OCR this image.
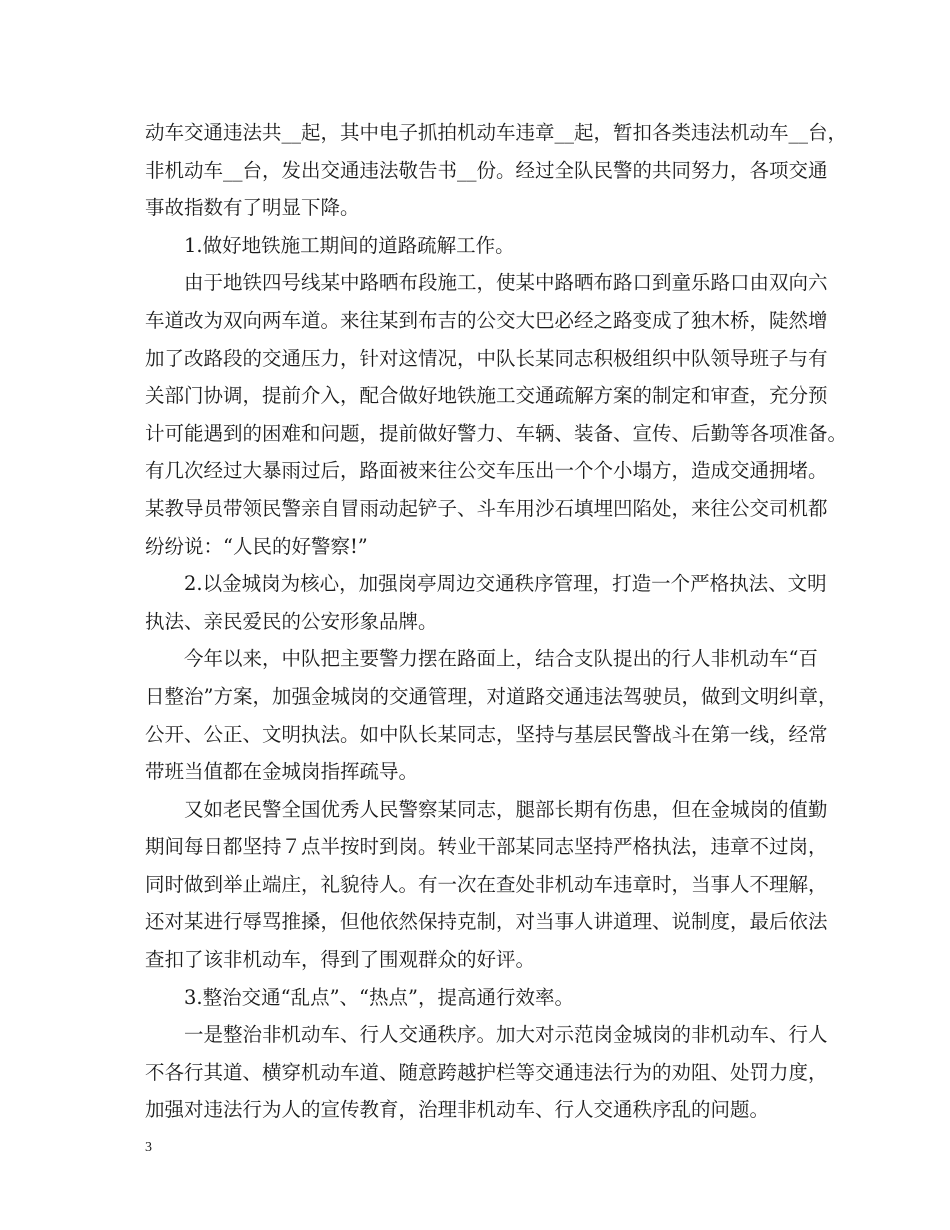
动车交通违法共__起，其中电子抓拍机动车违章__起，暂扣各类违法机动车__台，
非机动车__台，发出交通违法敬告书__份。经过全队民警的共同努力，各项交通
事故指数有了明显下降。
1.做好地铁施工期间的道路疏解工作。
由于地铁四号线某中路晒布段施工，使某中路晒布路口到童乐路口由双向六
车道改为双向两车道。来往某到布吉的公交大巴必经之路变成了独木桥，陡然增
加了改路段的交通压力，针对这情况，中队长某同志积极组织中队领导班子与有
关部门协调，提前介入，配合做好地铁施工交通疏解方案的制定和审查，充分预
计可能遇到的困难和问题，提前做好警力、车辆、装备、宣传、后勤等各项准备。
有几次经过大暴雨过后，路面被来往公交车压出一个个小塌方，造成交通拥堵。
某教导员带领民警亲自冒雨动起铲子、斗车用沙石填埋凹陷处，来往公交司机都
纷纷说：“人民的好警察!”
2.以金城岗为核心，加强岗亭周边交通秩序管理，打造一个严格执法、文明
执法、亲民爱民的公安形象品牌。
今年以来，中队把主要警力摆在路面上，结合支队提出的行人非机动车“百
日整治”方案，加强金城岗的交通管理，对道路交通违法驾驶员，做到文明纠章，
公开、公正、文明执法。如中队长某同志，坚持与基层民警战斗在第一线，经常
带班当值都在金城岗指挥疏导。
又如老民警全国优秀人民警察某同志，腿部长期有伤患，但在金城岗的值勤
期间每日都坚持７点半按时到岗。转业干部某同志坚持严格执法，违章不过岗，
同时做到举止端庄，礼貌待人。有一次在查处非机动车违章时，当事人不理解，
还对某进行辱骂推搡，但他依然保持克制，对当事人讲道理、说制度，最后依法
查扣了该非机动车，得到了围观群众的好评。
3.整治交通“乱点”、“热点”，提高通行效率。
一是整治非机动车、行人交通秩序。加大对示范岗金城岗的非机动车、行人
不各行其道、横穿机动车道、随意跨越护栏等交通违法行为的劝阻、处罚力度，
加强对违法行为人的宣传教育，治理非机动车、行人交通秩序乱的问题。
3
